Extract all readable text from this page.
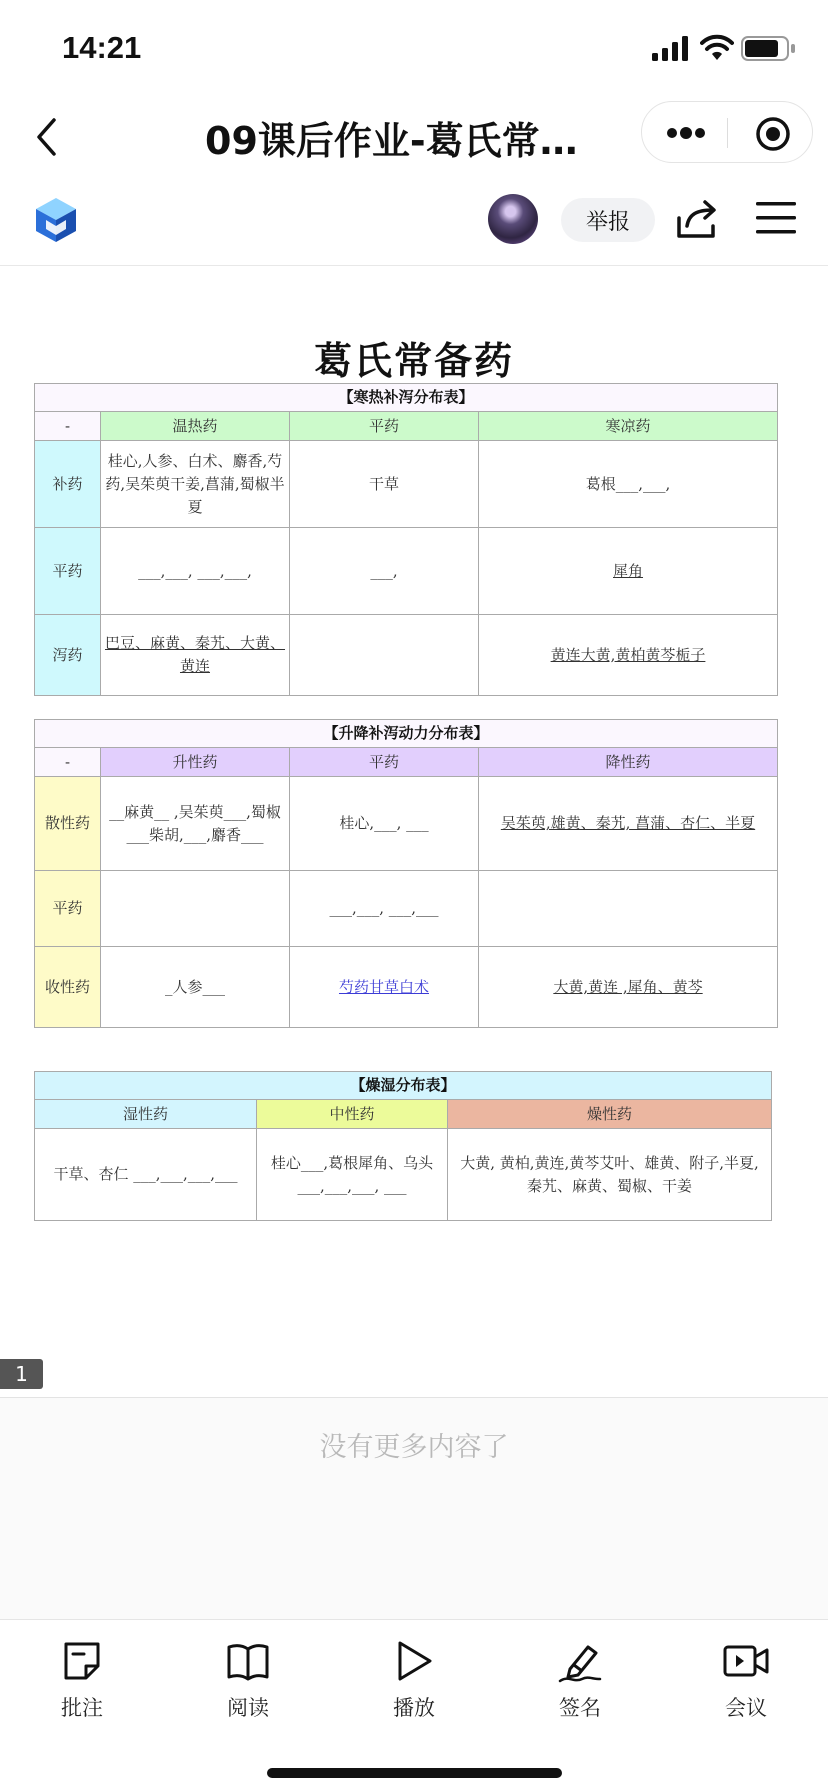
14:21
09课后作业-葛氏常…
举报
葛氏常备药
【寒热补泻分布表】			
-	温热药	平药	寒凉药
补药	桂心,人参、白术、麝香,芍药,吴茱萸干姜,菖蒲,蜀椒半夏	干草	葛根___,___,
平药	___,___, ___,___,	___,	犀角
泻药	巴豆、麻黄、秦艽、大黄、黄连		黄连大黄,黄柏黄芩栀子
【升降补泻动力分布表】			
-	升性药	平药	降性药
散性药	__麻黄__ ,吴茱萸___,蜀椒 ___柴胡,___,麝香___	桂心,___, ___	吴茱萸,雄黄、秦艽, 菖蒲、杏仁、半夏
平药		___,___, ___,___	
收性药	_人参___	芍药甘草白术	大黄,黄连 ,犀角、黄芩
【燥湿分布表】		
湿性药	中性药	燥性药
干草、杏仁 ___,___,___,___	桂心___,葛根犀角、乌头___,___,___, ___	大黄, 黄柏,黄连,黄芩艾叶、雄黄、附子,半夏, 秦艽、麻黄、蜀椒、干姜
1
没有更多内容了
批注	阅读	播放	签名	会议
